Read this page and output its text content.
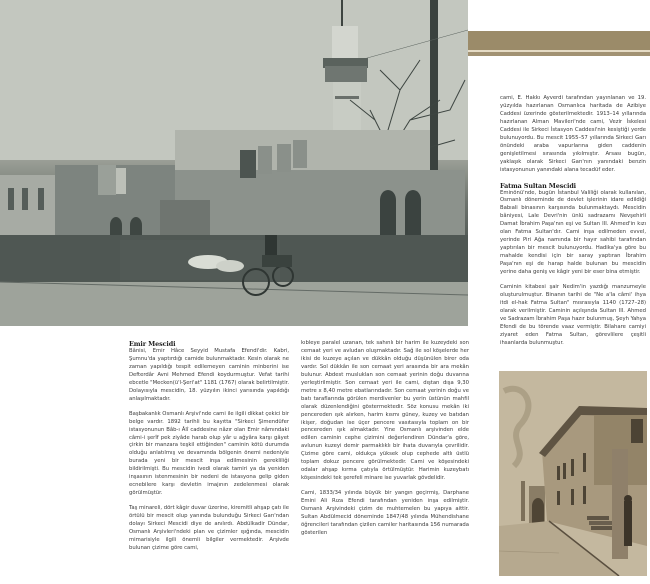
Emir Mescidi

Bânisi, Emir Hâce Seyyid Mustafa Efendi'dir. Kabri, Şumnu'da yaptırdığı camide bulunmaktadır. Kesin olarak ne zaman yapıldığı tespit edilemeyen caminin minberini ise Defterdâr Avni Mehmed Efendi koydurmuştur. Vefat tarihi ebcetle "Mecken(ü'l-Şeri'at" 1181 (1767) olarak belirtilmiştir. Dolayısıyla mescidin, 18. yüzyılın ikinci yarısında yapıldığı anlaşılmaktadır.

Başbakanlık Osmanlı Arşivi'nde cami ile ilgili dikkat çekici bir belge vardır. 1892 tarihli bu kayıtta "Sirkeci Şimendüfer istasyonunun Bâb-ı Âlî caddesine nâzır olan Emir nâmındaki câmi-i şerîf pek ziyâde harab olup yâr u ağyâra karşı gâyet çirkin bir manzara teşkil ettiğinden" caminin kötü durumda olduğu anlatılmış ve devamında bölgenin önemi nedeniyle burada yeni bir mescit inşa edilmesinin gerekliliği bildirilmişti. Bu mescidin ivedi olarak tamiri ya da yeniden inşasının istenmesinin bir nedeni de istasyona gelip giden ecnebilere karşı devletin imajının zedelenmesi olarak görülmüştür.

Taş minareli, dört kâgir duvar üzerine, kiremitli ahşap çatı ile örtülü bir mescit olup yanında bulunduğu Sirkeci Garı'ndan dolayı Sirkeci Mescidi diye de anılırdı. Abdülkadir Dündar, Osmanlı Arşivleri'ndeki plan ve çizimler ışığında, mescidin mimarisiyle ilgili önemli bilgiler vermektedir. Arşivde bulunan çizime göre cami,

kıbleye paralel uzanan, tek sahınlı bir harim ile kuzeydeki son cemaat yeri ve avludan oluşmaktadır. Sağ ile sol köşelerde her ikisi de kuzeye açılan ve dükkân olduğu düşünülen birer oda vardır. Sol dükkân ile son cemaat yeri arasında bir ara mekân bulunur. Abdest musluklan son cemaat yerinin doğu duvarına yerleştirilmiştir. Son cemaat yeri ile cami, dıştan dışa 9,30 metre x 8,40 metre ebatlarındadır. Son cemaat yerinin doğu ve batı taraflarında görülen merdivenler bu yerin üstünün mahfil olarak düzenlendiğini göstermektedir. Söz konusu mekân iki pencereden ışık alırken, harim kısmı güney, kuzey ve batıdan ikişer, doğudan ise üçer pencere vasıtasıyla toplam on bir pencereden ışık almaktadır. Yine Osmanlı arşivinden elde edilen caminin cephe çizimini değerlendiren Dündar'a göre, avlunun kuzeyi demir parmaklıklı bir ihata duvarıyla çevrilidir. Çizime göre cami, oldukça yüksek olup cephede altlı üstlü toplam dokuz pencere görülmektedir. Cami ve köşesindeki odalar ahşap kırma çatıyla örtülmüştür. Harimin kuzeybatı köşesindeki tek şerefeli minare ise yuvarlak gövdelidir.

Cami, 1833/34 yılında büyük bir yangın geçirmiş, Darphane Emini Ali Rıza Efendi tarafından yeniden inşa edilmiştir. Osmanlı Arşivindeki çizim de muhtemelen bu yapıya aittir. Sultan Abdülmecid döneminde 1847/48 yılında Mühendishane öğrencileri tarafından çizilen camiler haritasında 156 numarada gösterilen

cami, E. Hakkı Ayverdi tarafından yayınlanan ve 19. yüzyılda hazırlanan Osmanlıca haritada de Azibiye Caddesi üzerinde gösterilmektedir. 1913–14 yıllarında hazırlanan Alman Mavileri'nde cami, Vezir İskelesi Caddesi ile Sirkeci İstasyon Caddesi'nin kesiştiği yerde bulunuyordu. Bu mescit 1955–57 yıllarında Sirkeci Garı önündeki araba vapurlarına giden caddenin genişletilmesi sırasında yıkılmıştır. Arsası bugün, yaklaşık olarak Sirkeci Garı'nın yanındaki benzin istasyonunun yanındaki alana tecadüf eder.

Fatma Sultan Mescidi

Eminönü'nde, bugün İstanbul Valiliği olarak kullanılan, Osmanlı döneminde de devlet işlerinin idare edildiği Babıali binasının karşısında bulunmaktaydı. Mescidin bâniyesi, Lale Devri'nin ünlü sadrazamı Nevşehirli Damat İbrahim Paşa'nın eşi ve Sultan III. Ahmed'in kızı olan Fatma Sultan'dır. Cami inşa edilmeden evvel, yerinde Piri Ağa namında bir hayır sahibi tarafından yaptırılan bir mescit bulunuyordu. Hadika'ya göre bu mahalde kendisi için bir saray yaptıran İbrahim Paşa'nın eşi de harap halde bulunan bu mescidin yerine daha geniş ve kâgir yeni bir eser bina etmiştir.

Caminin kitabesi şair Nedim'in yazdığı manzumeyle oluşturulmuştur. Binanın tarihi de "Ne a'la câmi' ihya itdi el-hak Fatma Sultan" mısrasıyla 1140 (1727–28) olarak verilmiştir. Caminin açılışında Sultan III. Ahmed ve Sadrazam İbrahim Paşa hazır bulunmuş, Şeyh Yahya Efendi de bu törende vaaz vermiştir. Bilahare camiyi ziyaret eden Fatma Sultan, görevlilere çeşitli ihsanlarda bulunmuştur.
